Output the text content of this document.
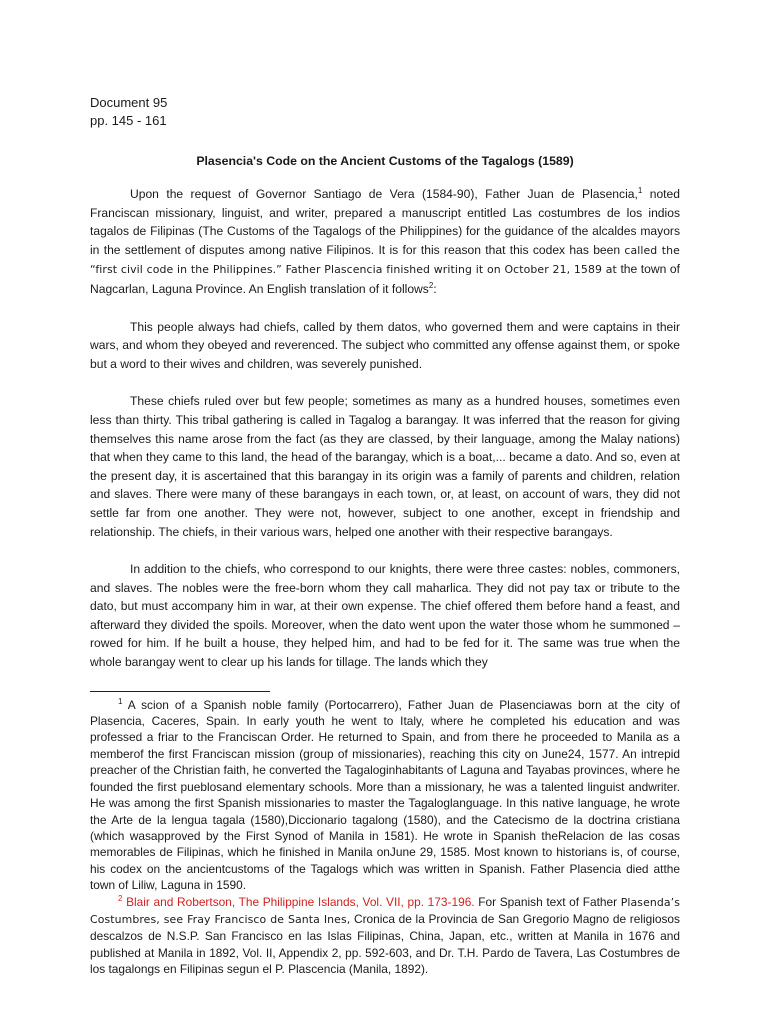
Document 95

pp. 145 - 161

Plasencia's Code on the Ancient Customs of the Tagalogs (1589)

Upon the request of Governor Santiago de Vera (1584-90), Father Juan de Plasencia,$^1$ noted Franciscan missionary, linguist, and writer, prepared a manuscript entitled Las costumbres de los indios tagalos de Filipinas (The Customs of the Tagalogs of the Philippines) for the guidance of the alcaldes mayors in the settlement of disputes among native Filipinos. It is for this reason that this codex has been called the “first civil code in the Philippines.” Father Plascencia finished writing it on October 21, 1589 at the town of Nagcarlan, Laguna Province. An English translation of it follows$^2$:

This people always had chiefs, called by them datos, who governed them and were captains in their wars, and whom they obeyed and reverenced. The subject who committed any offense against them, or spoke but a word to their wives and children, was severely punished.

These chiefs ruled over but few people; sometimes as many as a hundred houses, sometimes even less than thirty. This tribal gathering is called in Tagalog a barangay. It was inferred that the reason for giving themselves this name arose from the fact (as they are classed, by their language, among the Malay nations) that when they came to this land, the head of the barangay, which is a boat,... became a dato. And so, even at the present day, it is ascertained that this barangay in its origin was a family of parents and children, relation and slaves. There were many of these barangays in each town, or, at least, on account of wars, they did not settle far from one another. They were not, however, subject to one another, except in friendship and relationship. The chiefs, in their various wars, helped one another with their respective barangays.

In addition to the chiefs, who correspond to our knights, there were three castes: nobles, commoners, and slaves. The nobles were the free-born whom they call maharlica. They did not pay tax or tribute to the dato, but must accompany him in war, at their own expense. The chief offered them before hand a feast, and afterward they divided the spoils. Moreover, when the dato went upon the water those whom he summoned –rowed for him. If he built a house, they helped him, and had to be fed for it. The same was true when the whole barangay went to clear up his lands for tillage. The lands which they

$^1$ A scion of a Spanish noble family (Portocarrero), Father Juan de Plasenciawas born at the city of Plasencia, Caceres, Spain. In early youth he went to Italy, where he completed his education and was professed a friar to the Franciscan Order. He returned to Spain, and from there he proceeded to Manila as a memberof the first Franciscan mission (group of missionaries), reaching this city on June24, 1577. An intrepid preacher of the Christian faith, he converted the Tagaloginhabitants of Laguna and Tayabas provinces, where he founded the first pueblosand elementary schools. More than a missionary, he was a talented linguist andwriter. He was among the first Spanish missionaries to master the Tagaloglanguage. In this native language, he wrote the Arte de la lengua tagala (1580),Diccionario tagalong (1580), and the Catecismo de la doctrina cristiana (which wasapproved by the First Synod of Manila in 1581). He wrote in Spanish theRelacion de las cosas memorables de Filipinas, which he finished in Manila onJune 29, 1585. Most known to historians is, of course, his codex on the ancientcustoms of the Tagalogs which was written in Spanish. Father Plasencia died atthe town of Liliw, Laguna in 1590.

$^2$ Blair and Robertson, The Philippine Islands, Vol. VII, pp. 173-196. For Spanish text of Father Plasenda’s Costumbres, see Fray Francisco de Santa Ines, Cronica de la Provincia de San Gregorio Magno de religiosos descalzos de N.S.P. San Francisco en las Islas Filipinas, China, Japan, etc., written at Manila in 1676 and published at Manila in 1892, Vol. II, Appendix 2, pp. 592-603, and Dr. T.H. Pardo de Tavera, Las Costumbres de los tagalongs en Filipinas segun el P. Plascencia (Manila, 1892).
